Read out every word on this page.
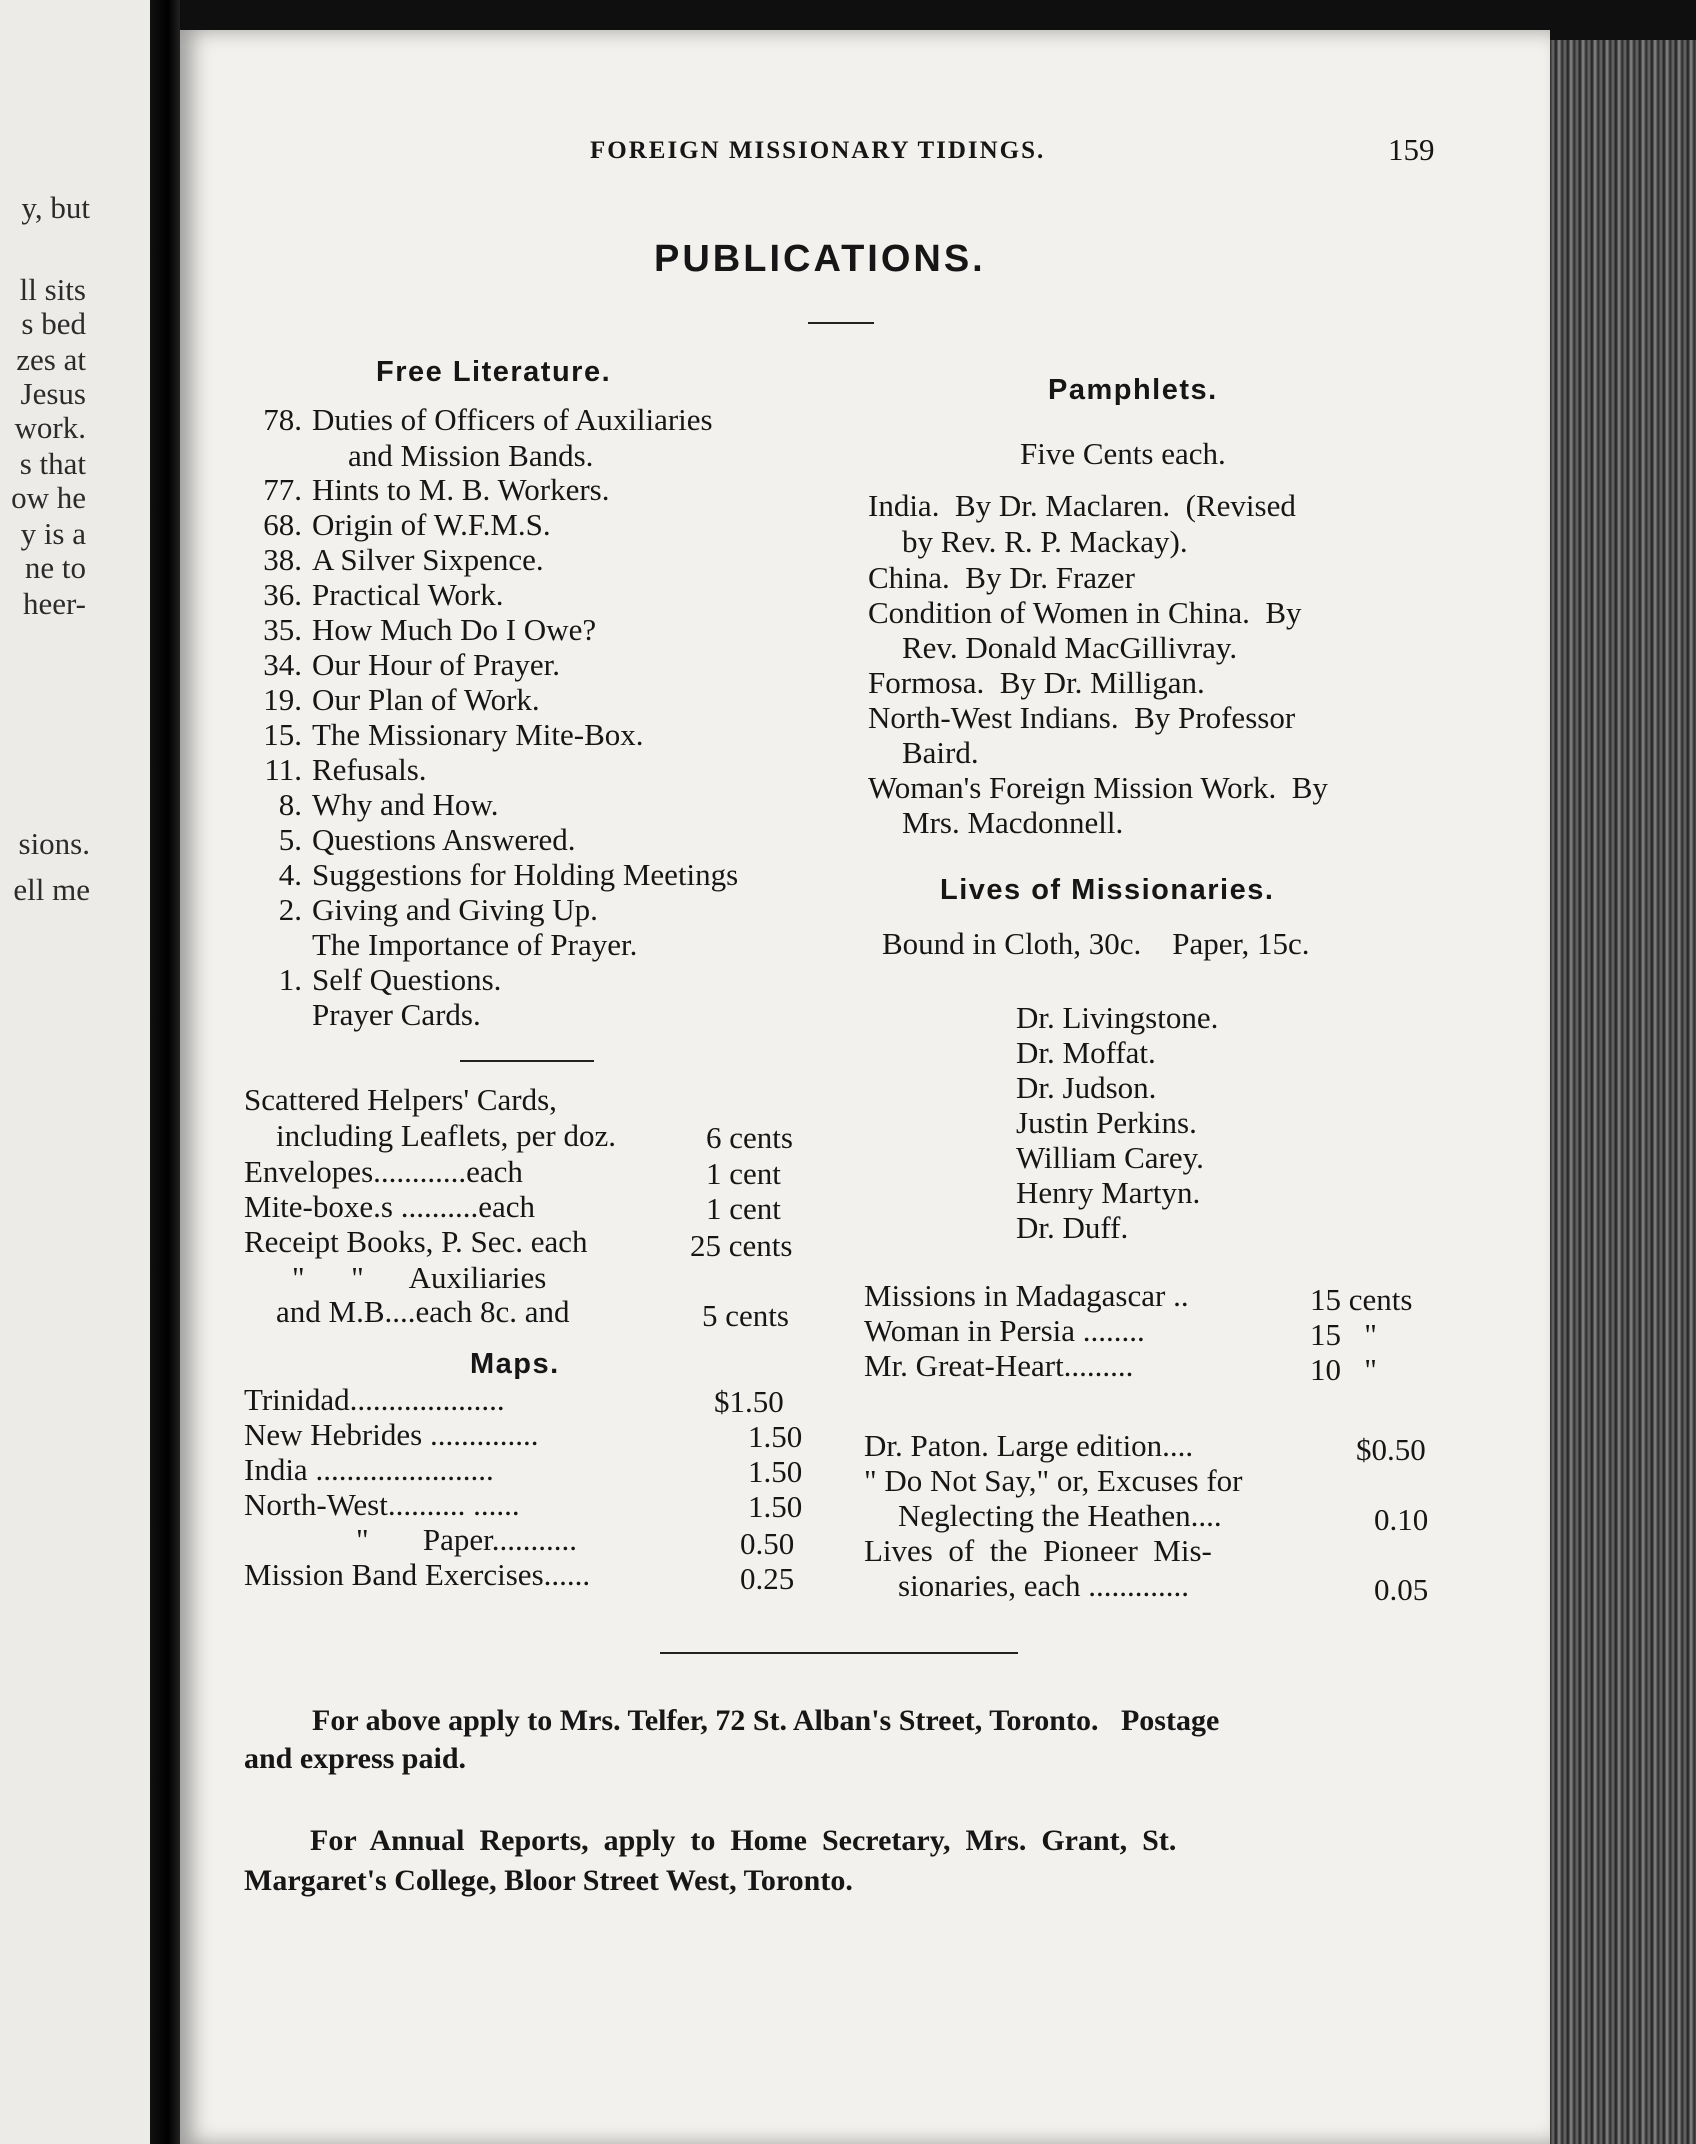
y, but
ll sits
s bed
zes at
Jesus
work.
s that
ow he
y is a
ne to
heer-
sions.
ell me
FOREIGN MISSIONARY TIDINGS.	159
PUBLICATIONS.
Free Literature.
78. Duties of Officers of Auxiliaries
and Mission Bands.
77. Hints to M. B. Workers.
68. Origin of W.F.M.S.
38. A Silver Sixpence.
36. Practical Work.
35. How Much Do I Owe?
34. Our Hour of Prayer.
19. Our Plan of Work.
15. The Missionary Mite-Box.
11. Refusals.
8. Why and How.
5. Questions Answered.
4. Suggestions for Holding Meetings
2. Giving and Giving Up.
The Importance of Prayer.
1. Self Questions.
Prayer Cards.
Scattered Helpers' Cards,
including Leaflets, per doz.	6 cents
Envelopes............each	1 cent
Mite-boxe.s ..........each	1 cent
Receipt Books, P. Sec. each	25 cents
"      "      Auxiliaries
and M.B....each 8c. and	5 cents
Maps.
Trinidad....................	$1.50
New Hebrides ..............	1.50
India .......................	1.50
North-West.......... ......	1.50
"       Paper...........	0.50
Mission Band Exercises......	0.25
Pamphlets.
Five Cents each.
India.  By Dr. Maclaren.  (Revised
by Rev. R. P. Mackay).
China.  By Dr. Frazer
Condition of Women in China.  By
Rev. Donald MacGillivray.
Formosa.  By Dr. Milligan.
North-West Indians.  By Professor
Baird.
Woman's Foreign Mission Work.  By
Mrs. Macdonnell.
Lives of Missionaries.
Bound in Cloth, 30c.    Paper, 15c.
Dr. Livingstone.
Dr. Moffat.
Dr. Judson.
Justin Perkins.
William Carey.
Henry Martyn.
Dr. Duff.
Missions in Madagascar ..	15 cents
Woman in Persia ........	15   "
Mr. Great-Heart.........	10   "
Dr. Paton. Large edition....	$0.50
" Do Not Say," or, Excuses for
Neglecting the Heathen....	0.10
Lives  of  the  Pioneer  Mis-
sionaries, each .............	0.05
For above apply to Mrs. Telfer, 72 St. Alban's Street, Toronto.   Postage
and express paid.
For  Annual  Reports,  apply  to  Home  Secretary,  Mrs.  Grant,  St.
Margaret's College, Bloor Street West, Toronto.
